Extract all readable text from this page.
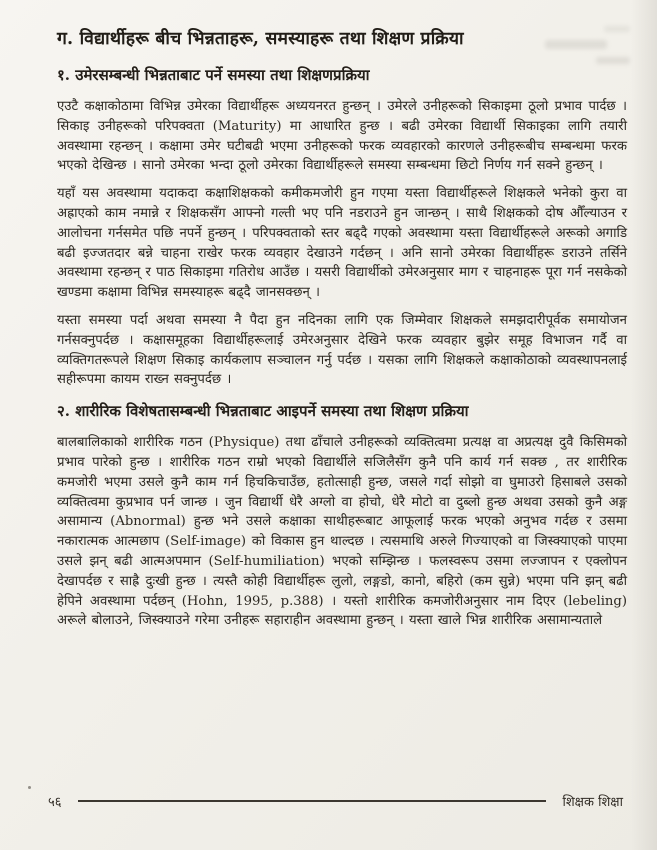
ग. विद्यार्थीहरू बीच भिन्नताहरू, समस्याहरू तथा शिक्षण प्रक्रिया
१. उमेरसम्बन्धी भिन्नताबाट पर्ने समस्या तथा शिक्षणप्रक्रिया

एउटै कक्षाकोठामा विभिन्न उमेरका विद्यार्थीहरू अध्ययनरत हुन्छन् । उमेरले उनीहरूको सिकाइमा ठूलो प्रभाव पार्दछ । सिकाइ उनीहरूको परिपक्वता (Maturity) मा आधारित हुन्छ । बढी उमेरका विद्यार्थी सिकाइका लागि तयारी अवस्थामा रहन्छन् । कक्षामा उमेर घटीबढी भएमा उनीहरूको फरक व्यवहारको कारणले उनीहरूबीच सम्बन्धमा फरक भएको देखिन्छ । सानो उमेरका भन्दा ठूलो उमेरका विद्यार्थीहरूले समस्या सम्बन्धमा छिटो निर्णय गर्न सक्ने हुन्छन् ।

यहाँ यस अवस्थामा यदाकदा कक्षाशिक्षकको कमीकमजोरी हुन गएमा यस्ता विद्यार्थीहरूले शिक्षकले भनेको कुरा वा अह्राएको काम नमान्ने र शिक्षकसँग आफ्नो गल्ती भए पनि नडराउने हुन जान्छन् । साथै शिक्षकको दोष औँल्याउन र आलोचना गर्नसमेत पछि नपर्ने हुन्छन् । परिपक्वताको स्तर बढ्दै गएको अवस्थामा यस्ता विद्यार्थीहरूले अरूको अगाडि बढी इज्जतदार बन्ने चाहना राखेर फरक व्यवहार देखाउने गर्दछन् । अनि सानो उमेरका विद्यार्थीहरू डराउने तर्सिने अवस्थामा रहन्छन् र पाठ सिकाइमा गतिरोध आउँछ । यसरी विद्यार्थीको उमेरअनुसार माग र चाहनाहरू पूरा गर्न नसकेको खण्डमा कक्षामा विभिन्न समस्याहरू बढ्दै जानसक्छन् ।

यस्ता समस्या पर्दा अथवा समस्या नै पैदा हुन नदिनका लागि एक जिम्मेवार शिक्षकले समझदारीपूर्वक समायोजन गर्नसक्नुपर्दछ । कक्षासमूहका विद्यार्थीहरूलाई उमेरअनुसार देखिने फरक व्यवहार बुझेर समूह विभाजन गर्दै वा व्यक्तिगतरूपले शिक्षण सिकाइ कार्यकलाप सञ्चालन गर्नु पर्दछ । यसका लागि शिक्षकले कक्षाकोठाको व्यवस्थापनलाई सहीरूपमा कायम राख्न सक्नुपर्दछ ।

२. शारीरिक विशेषतासम्बन्धी भिन्नताबाट आइपर्ने समस्या तथा शिक्षण प्रक्रिया

बालबालिकाको शारीरिक गठन (Physique) तथा ढाँचाले उनीहरूको व्यक्तित्वमा प्रत्यक्ष वा अप्रत्यक्ष दुवै किसिमको प्रभाव पारेको हुन्छ । शारीरिक गठन राम्रो भएको विद्यार्थीले सजिलैसँग कुनै पनि कार्य गर्न सक्छ , तर शारीरिक कमजोरी भएमा उसले कुनै काम गर्न हिचकिचाउँछ, हतोत्साही हुन्छ, जसले गर्दा सोझो वा घुमाउरो हिसाबले उसको व्यक्तित्वमा कुप्रभाव पर्न जान्छ । जुन विद्यार्थी धेरै अग्लो वा होचो, धेरै मोटो वा दुब्लो हुन्छ अथवा उसको कुनै अङ्ग असामान्य (Abnormal) हुन्छ भने उसले कक्षाका साथीहरूबाट आफूलाई फरक भएको अनुभव गर्दछ र उसमा नकारात्मक आत्मछाप (Self-image) को विकास हुन थाल्दछ । त्यसमाथि अरुले गिज्याएको वा जिस्क्याएको पाएमा उसले झन् बढी आत्मअपमान (Self-humiliation) भएको सम्झिन्छ । फलस्वरूप उसमा लज्जापन र एक्लोपन देखापर्दछ र साह्रै दुःखी हुन्छ । त्यस्तै कोही विद्यार्थीहरू लुलो, लङ्गडो, कानो, बहिरो (कम सुन्ने) भएमा पनि झन् बढी हेपिने अवस्थामा पर्दछन् (Hohn, 1995, p.388) । यस्तो शारीरिक कमजोरीअनुसार नाम दिएर (lebeling) अरूले बोलाउने, जिस्क्याउने गरेमा उनीहरू सहाराहीन अवस्थामा हुन्छन् । यस्ता खाले भिन्न शारीरिक असामान्यताले

५६	शिक्षक शिक्षा
